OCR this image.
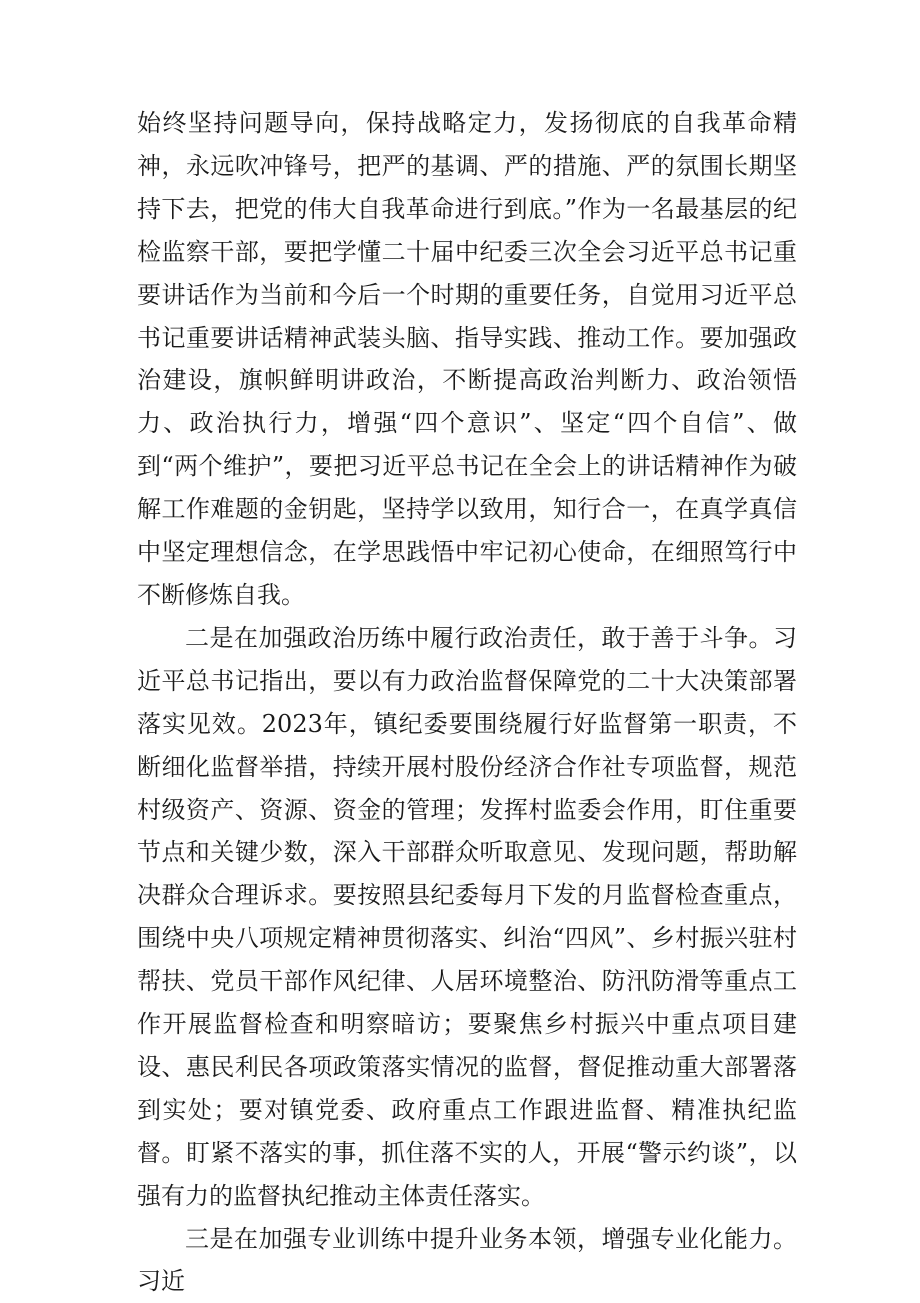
始终坚持问题导向，保持战略定力，发扬彻底的自我革命精神，永远吹冲锋号，把严的基调、严的措施、严的氛围长期坚持下去，把党的伟大自我革命进行到底。”作为一名最基层的纪检监察干部，要把学懂二十届中纪委三次全会习近平总书记重要讲话作为当前和今后一个时期的重要任务，自觉用习近平总书记重要讲话精神武装头脑、指导实践、推动工作。要加强政治建设，旗帜鲜明讲政治，不断提高政治判断力、政治领悟力、政治执行力，增强“四个意识”、坚定“四个自信”、做到“两个维护”，要把习近平总书记在全会上的讲话精神作为破解工作难题的金钥匙，坚持学以致用，知行合一，在真学真信中坚定理想信念，在学思践悟中牢记初心使命，在细照笃行中不断修炼自我。

二是在加强政治历练中履行政治责任，敢于善于斗争。习近平总书记指出，要以有力政治监督保障党的二十大决策部署落实见效。2023年，镇纪委要围绕履行好监督第一职责，不断细化监督举措，持续开展村股份经济合作社专项监督，规范村级资产、资源、资金的管理；发挥村监委会作用，盯住重要节点和关键少数，深入干部群众听取意见、发现问题，帮助解决群众合理诉求。要按照县纪委每月下发的月监督检查重点，围绕中央八项规定精神贯彻落实、纠治“四风”、乡村振兴驻村帮扶、党员干部作风纪律、人居环境整治、防汛防滑等重点工作开展监督检查和明察暗访；要聚焦乡村振兴中重点项目建设、惠民利民各项政策落实情况的监督，督促推动重大部署落到实处；要对镇党委、政府重点工作跟进监督、精准执纪监督。盯紧不落实的事，抓住落不实的人，开展“警示约谈”，以强有力的监督执纪推动主体责任落实。

三是在加强专业训练中提升业务本领，增强专业化能力。习近
